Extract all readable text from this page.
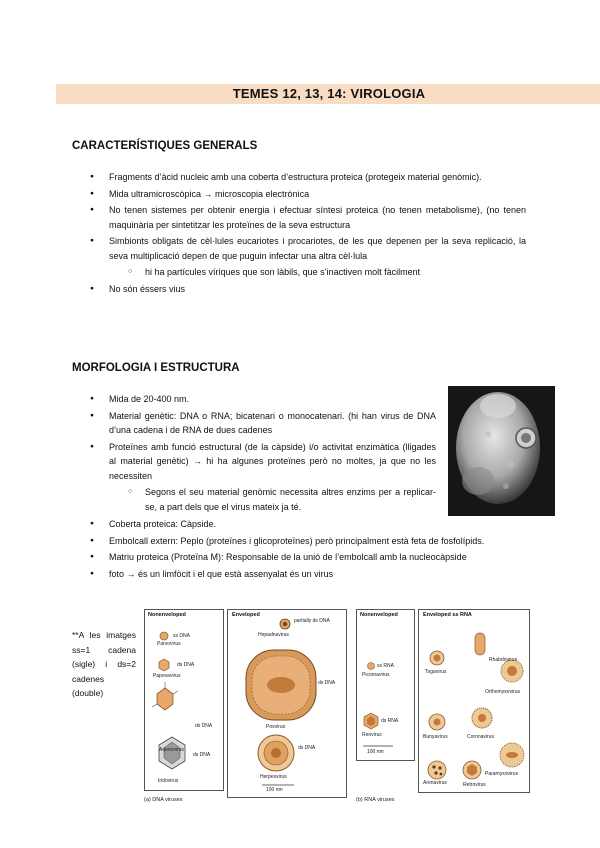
TEMES 12, 13, 14: VIROLOGIA
CARACTERÍSTIQUES GENERALS
● Fragments d’àcid nucleic amb una coberta d’estructura proteica (protegeix material genòmic).
● Mida ultramicroscòpica → microscopia electrònica
● No tenen sistemes per obtenir energia i efectuar síntesi proteica (no tenen metabolisme), (no tenen maquinària per sintetitzar les proteïnes de la seva estructura
● Simbionts obligats de cèl·lules eucariotes i procariotes, de les que depenen per la seva replicació, la seva multiplicació depen de que puguin infectar una altra cèl·lula
○ hi ha partícules víriques que son làbils, que s’inactiven molt fàcilment
● No són éssers vius
MORFOLOGIA I ESTRUCTURA
● Mida de 20-400 nm.
● Material genètic: DNA o RNA; bicatenari o monocatenari. (hi han virus de DNA d’una cadena i de RNA de dues cadenes
● Proteïnes amb funció estructural (de la càpside) i/o activitat enzimàtica (lligades al material genètic) → hi ha algunes proteïnes però no moltes, ja que no les necessiten
○ Segons el seu material genòmic necessita altres enzims per a replicar-se, a part dels que el virus mateix ja té.
● Coberta proteica: Càpside.
● Embolcall extern: Peplo (proteïnes i glicoproteïnes) però principalment està feta de fosfolípids.
● Matriu proteica (Proteïna M): Responsable de la unió de l’embolcall amb la nucleocàpside
● foto → és un limfòcit i el que està assenyalat és un virus
**A les imatges ss=1 cadena (sigle) i ds=2 cadenes (double)
Nonenveloped
ss DNA
Parvovirus
ds DNA
Papovavirus
ds DNA
Adenovirus
ds DNA
Iridovirus
Enveloped
partially ds DNA
Hepadnavirus
ds DNA
Poxvirus
ds DNA
Herpesvirus
100 nm
(a) DNA viruses
Nonenveloped
ss RNA
Picornavirus
ds RNA
Reovirus
100 nm
Enveloped ss RNA
Togavirus
Rhabdovirus
Orthomyxovirus
Bunyavirus	Coronavirus
Arenavirus	Retrovirus
Paramyxovirus
(b) RNA viruses
